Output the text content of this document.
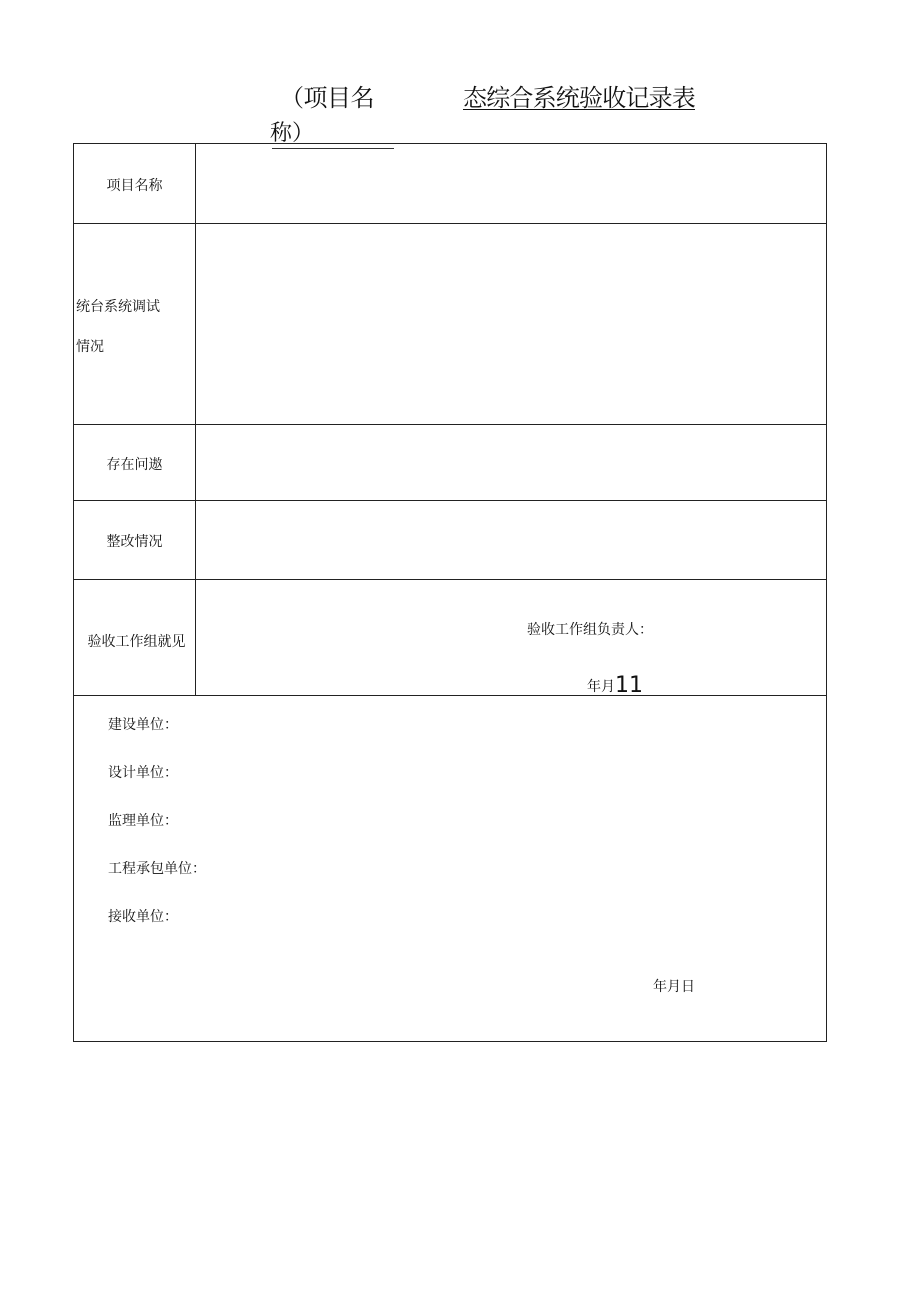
（项目名
称）
态综合系统验收记录表
项目名称
统台系统调试
情况
存在问遨
整改情况
验收工作组就见
验收工作组负责人：
年月11
建设单位：
设计单位：
监理单位：
工程承包单位：
接收单位：
年月日
